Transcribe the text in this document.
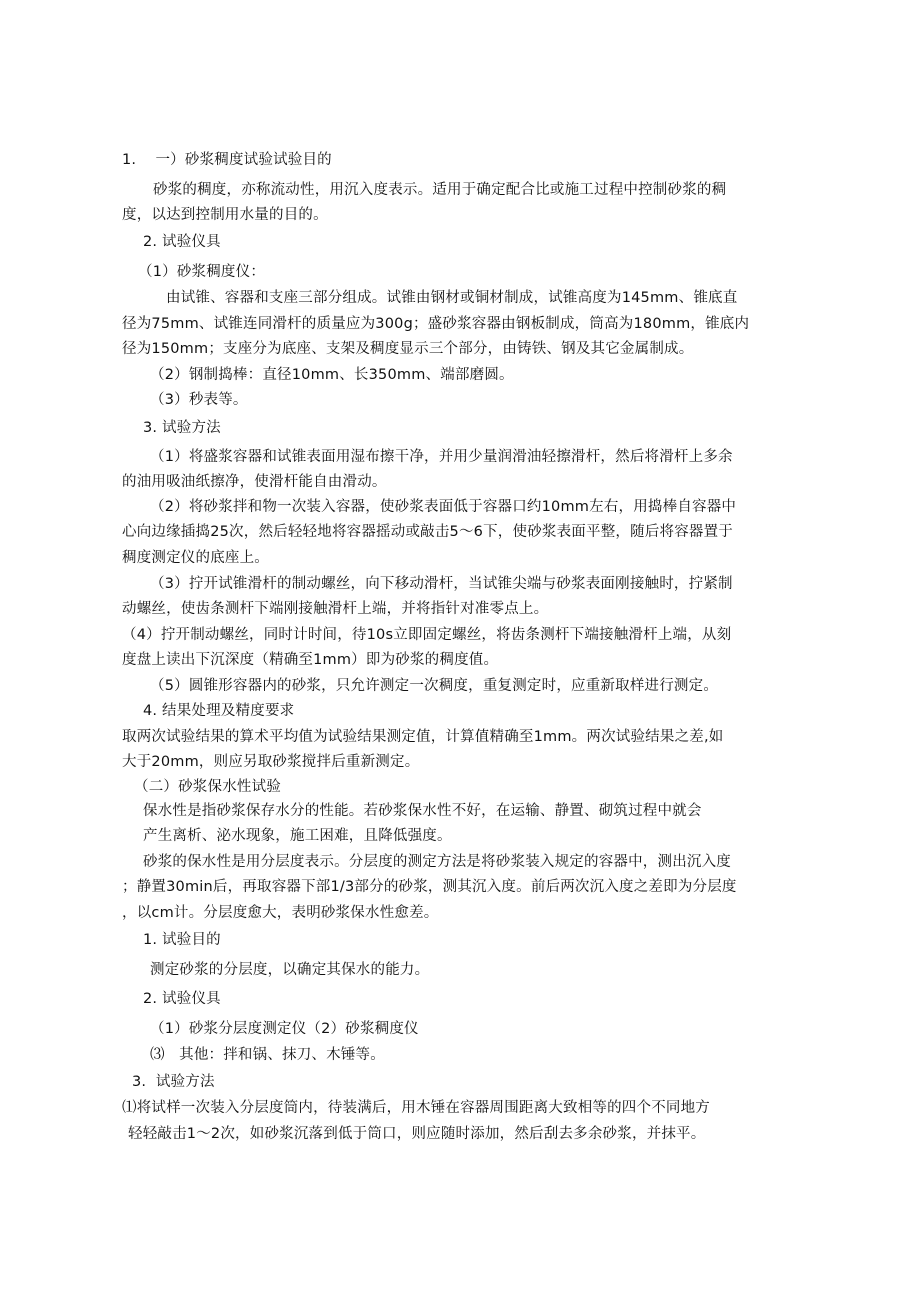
1.    一）砂浆稠度试验试验目的
砂浆的稠度，亦称流动性，用沉入度表示。适用于确定配合比或施工过程中控制砂浆的稠
度，以达到控制用水量的目的。
2. 试验仪具
（1）砂浆稠度仪：
由试锥、容器和支座三部分组成。试锥由钢材或铜材制成，试锥高度为145mm、锥底直
径为75mm、试锥连同滑杆的质量应为300g；盛砂浆容器由钢板制成，筒高为180mm，锥底内
径为150mm；支座分为底座、支架及稠度显示三个部分，由铸铁、钢及其它金属制成。
（2）钢制捣棒：直径10mm、长350mm、端部磨圆。
（3）秒表等。
3. 试验方法
（1）将盛浆容器和试锥表面用湿布擦干净，并用少量润滑油轻擦滑杆，然后将滑杆上多余
的油用吸油纸擦净，使滑杆能自由滑动。
（2）将砂浆拌和物一次装入容器，使砂浆表面低于容器口约10mm左右，用捣棒自容器中
心向边缘插捣25次，然后轻轻地将容器摇动或敲击5～6下，使砂浆表面平整，随后将容器置于
稠度测定仪的底座上。
（3）拧开试锥滑杆的制动螺丝，向下移动滑杆，当试锥尖端与砂浆表面刚接触时，拧紧制
动螺丝，使齿条测杆下端刚接触滑杆上端，并将指针对准零点上。
（4）拧开制动螺丝，同时计时间，待10s立即固定螺丝，将齿条测杆下端接触滑杆上端，从刻
度盘上读出下沉深度（精确至1mm）即为砂浆的稠度值。
（5）圆锥形容器内的砂浆，只允许测定一次稠度，重复测定时，应重新取样进行测定。
4. 结果处理及精度要求
取两次试验结果的算术平均值为试验结果测定值，计算值精确至1mm。两次试验结果之差,如
大于20mm，则应另取砂浆搅拌后重新测定。
（二）砂浆保水性试验
保水性是指砂浆保存水分的性能。若砂浆保水性不好，在运输、静置、砌筑过程中就会
产生离析、泌水现象，施工困难，且降低强度。
砂浆的保水性是用分层度表示。分层度的测定方法是将砂浆装入规定的容器中，测出沉入度
；静置30min后，再取容器下部1/3部分的砂浆，测其沉入度。前后两次沉入度之差即为分层度
，以cm计。分层度愈大，表明砂浆保水性愈差。
1. 试验目的
测定砂浆的分层度，以确定其保水的能力。
2. 试验仪具
（1）砂浆分层度测定仪（2）砂浆稠度仪
⑶   其他：拌和锅、抹刀、木锤等。
3.  试验方法
⑴将试样一次装入分层度筒内，待装满后，用木锤在容器周围距离大致相等的四个不同地方
轻轻敲击1～2次，如砂浆沉落到低于筒口，则应随时添加，然后刮去多余砂浆，并抹平。
